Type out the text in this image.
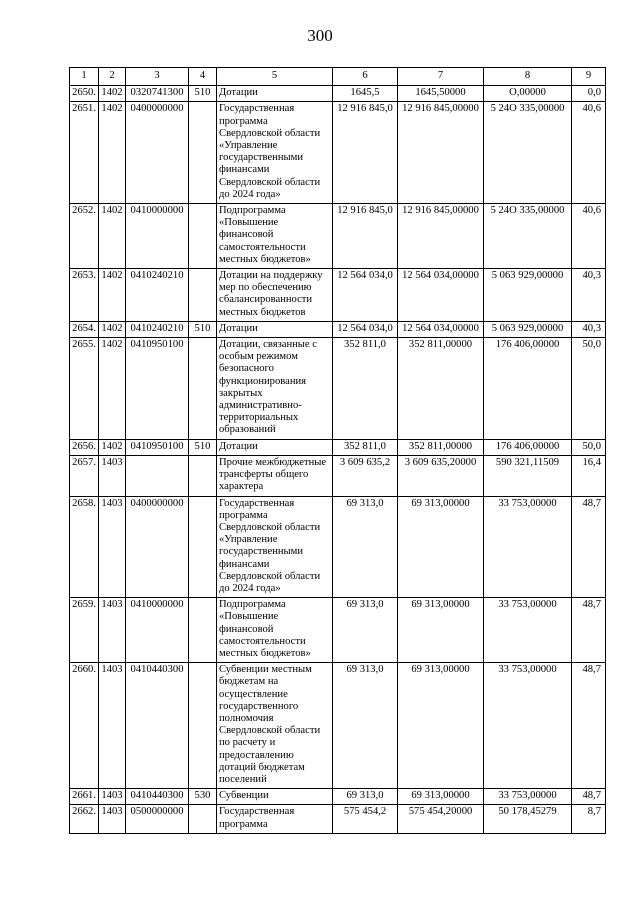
300
1	2	3	4	5	6	7	8	9
2650.	1402	0320741300	510	Дотации	1645,5	1645,50000	О,00000	0,0
2651.	1402	0400000000		Государственная программа Свердловской области «Управление государственными финансами Свердловской области до 2024 года»	12 916 845,0	12 916 845,00000	5 24О 335,00000	40,6
2652.	1402	0410000000		Подпрограмма «Повышение финансовой самостоятельности местных бюджетов»	12 916 845,0	12 916 845,00000	5 24О 335,00000	40,6
2653.	1402	0410240210		Дотации на поддержку мер по обеспечению сбалансированности местных бюджетов	12 564 034,0	12 564 034,00000	5 063 929,00000	40,3
2654.	1402	0410240210	510	Дотации	12 564 034,0	12 564 034,00000	5 063 929,00000	40,3
2655.	1402	0410950100		Дотации, связанные с особым режимом безопасного функционирования закрытых административно-территориальных образований	352 811,0	352 811,00000	176 406,00000	50,0
2656.	1402	0410950100	510	Дотации	352 811,0	352 811,00000	176 406,00000	50,0
2657.	1403			Прочие межбюджетные трансферты общего характера	3 609 635,2	3 609 635,20000	590 321,11509	16,4
2658.	1403	0400000000		Государственная программа Свердловской области «Управление государственными финансами Свердловской области до 2024 года»	69 313,0	69 313,00000	33 753,00000	48,7
2659.	1403	0410000000		Подпрограмма «Повышение финансовой самостоятельности местных бюджетов»	69 313,0	69 313,00000	33 753,00000	48,7
2660.	1403	0410440300		Субвенции местным бюджетам на осуществление государственного полномочия Свердловской области по расчету и предоставлению дотаций бюджетам поселений	69 313,0	69 313,00000	33 753,00000	48,7
2661.	1403	0410440300	530	Субвенции	69 313,0	69 313,00000	33 753,00000	48,7
2662.	1403	0500000000		Государственная программа	575 454,2	575 454,20000	50 178,45279	8,7
